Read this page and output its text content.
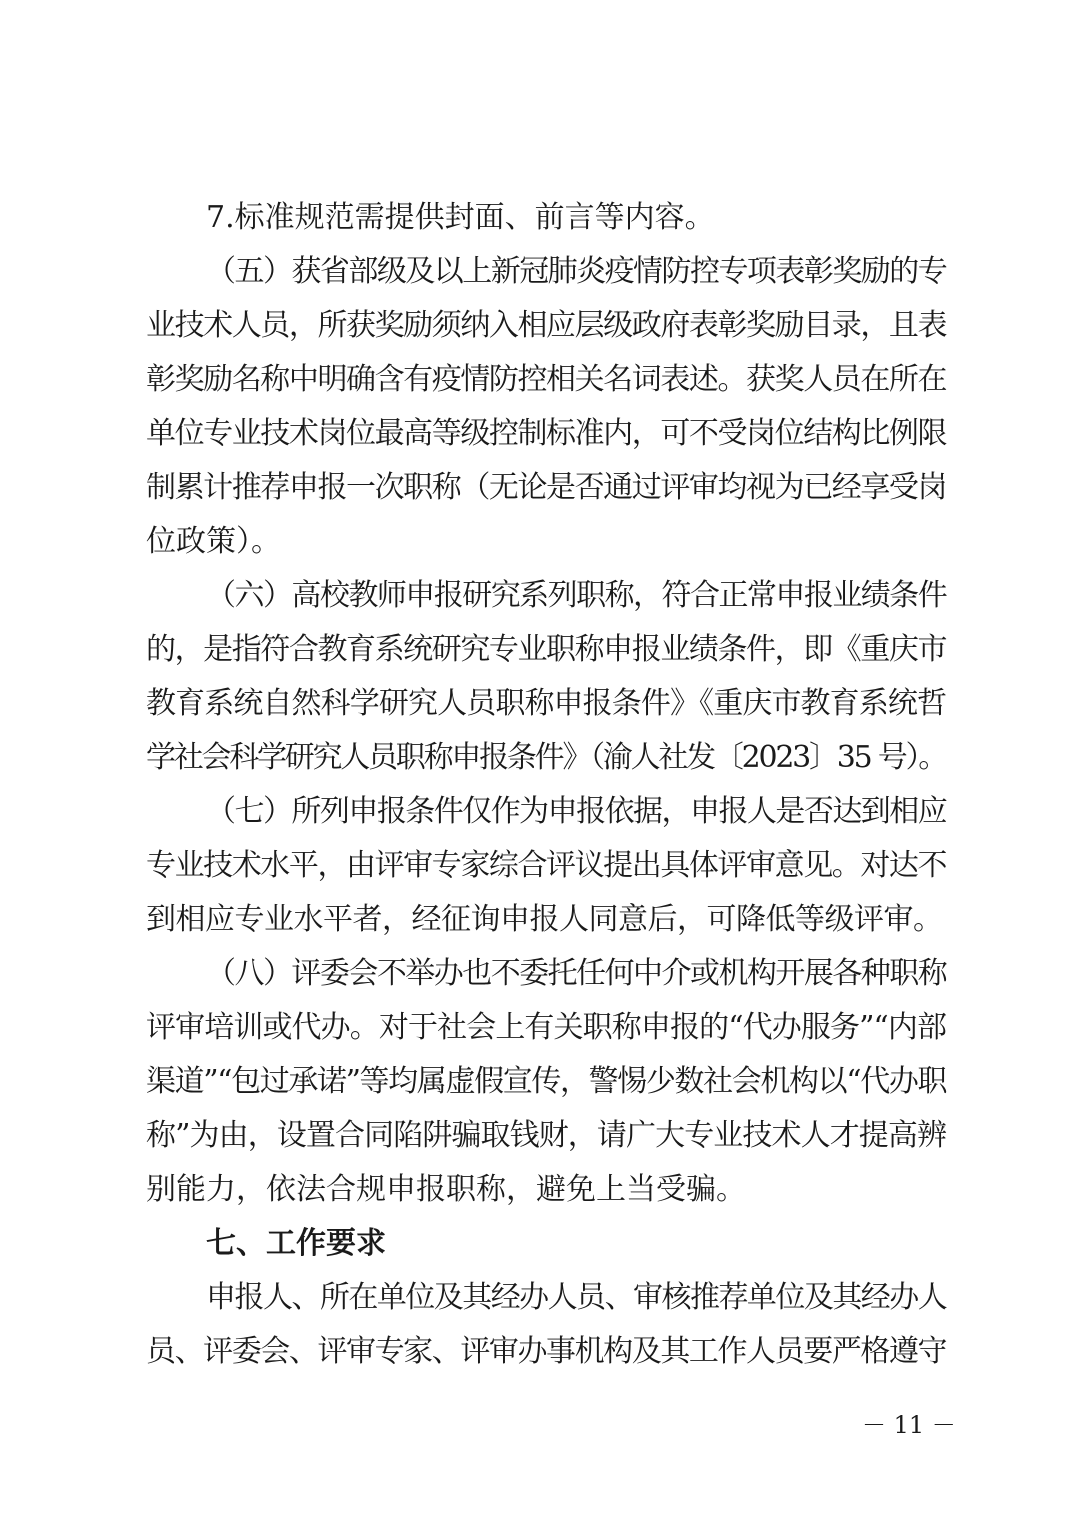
7.标准规范需提供封面、前言等内容。
（五）获省部级及以上新冠肺炎疫情防控专项表彰奖励的专
业技术人员，所获奖励须纳入相应层级政府表彰奖励目录，且表
彰奖励名称中明确含有疫情防控相关名词表述。获奖人员在所在
单位专业技术岗位最高等级控制标准内，可不受岗位结构比例限
制累计推荐申报一次职称（无论是否通过评审均视为已经享受岗
位政策）。
（六）高校教师申报研究系列职称，符合正常申报业绩条件
的，是指符合教育系统研究专业职称申报业绩条件，即《重庆市
教育系统自然科学研究人员职称申报条件》《重庆市教育系统哲
学社会科学研究人员职称申报条件》（渝人社发〔2023〕35 号）。
（七）所列申报条件仅作为申报依据，申报人是否达到相应
专业技术水平，由评审专家综合评议提出具体评审意见。对达不
到相应专业水平者，经征询申报人同意后，可降低等级评审。
（八）评委会不举办也不委托任何中介或机构开展各种职称
评审培训或代办。对于社会上有关职称申报的“代办服务”“内部
渠道”“包过承诺”等均属虚假宣传，警惕少数社会机构以“代办职
称”为由，设置合同陷阱骗取钱财，请广大专业技术人才提高辨
别能力，依法合规申报职称，避免上当受骗。
七、工作要求
申报人、所在单位及其经办人员、审核推荐单位及其经办人
员、评委会、评审专家、评审办事机构及其工作人员要严格遵守
－ 11 －
